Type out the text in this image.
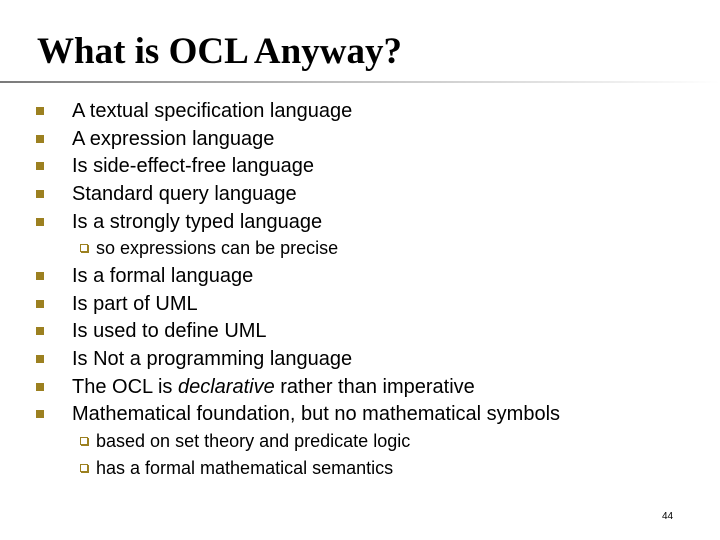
What is OCL Anyway?
A textual specification language
A expression language
Is side-effect-free language
Standard query language
Is a strongly typed language
so expressions can be precise
Is a formal language
Is part of UML
Is used to define UML
Is Not a programming language
The OCL is declarative rather than imperative
Mathematical foundation, but no mathematical symbols
based on set theory and predicate logic
has a formal mathematical semantics
44
